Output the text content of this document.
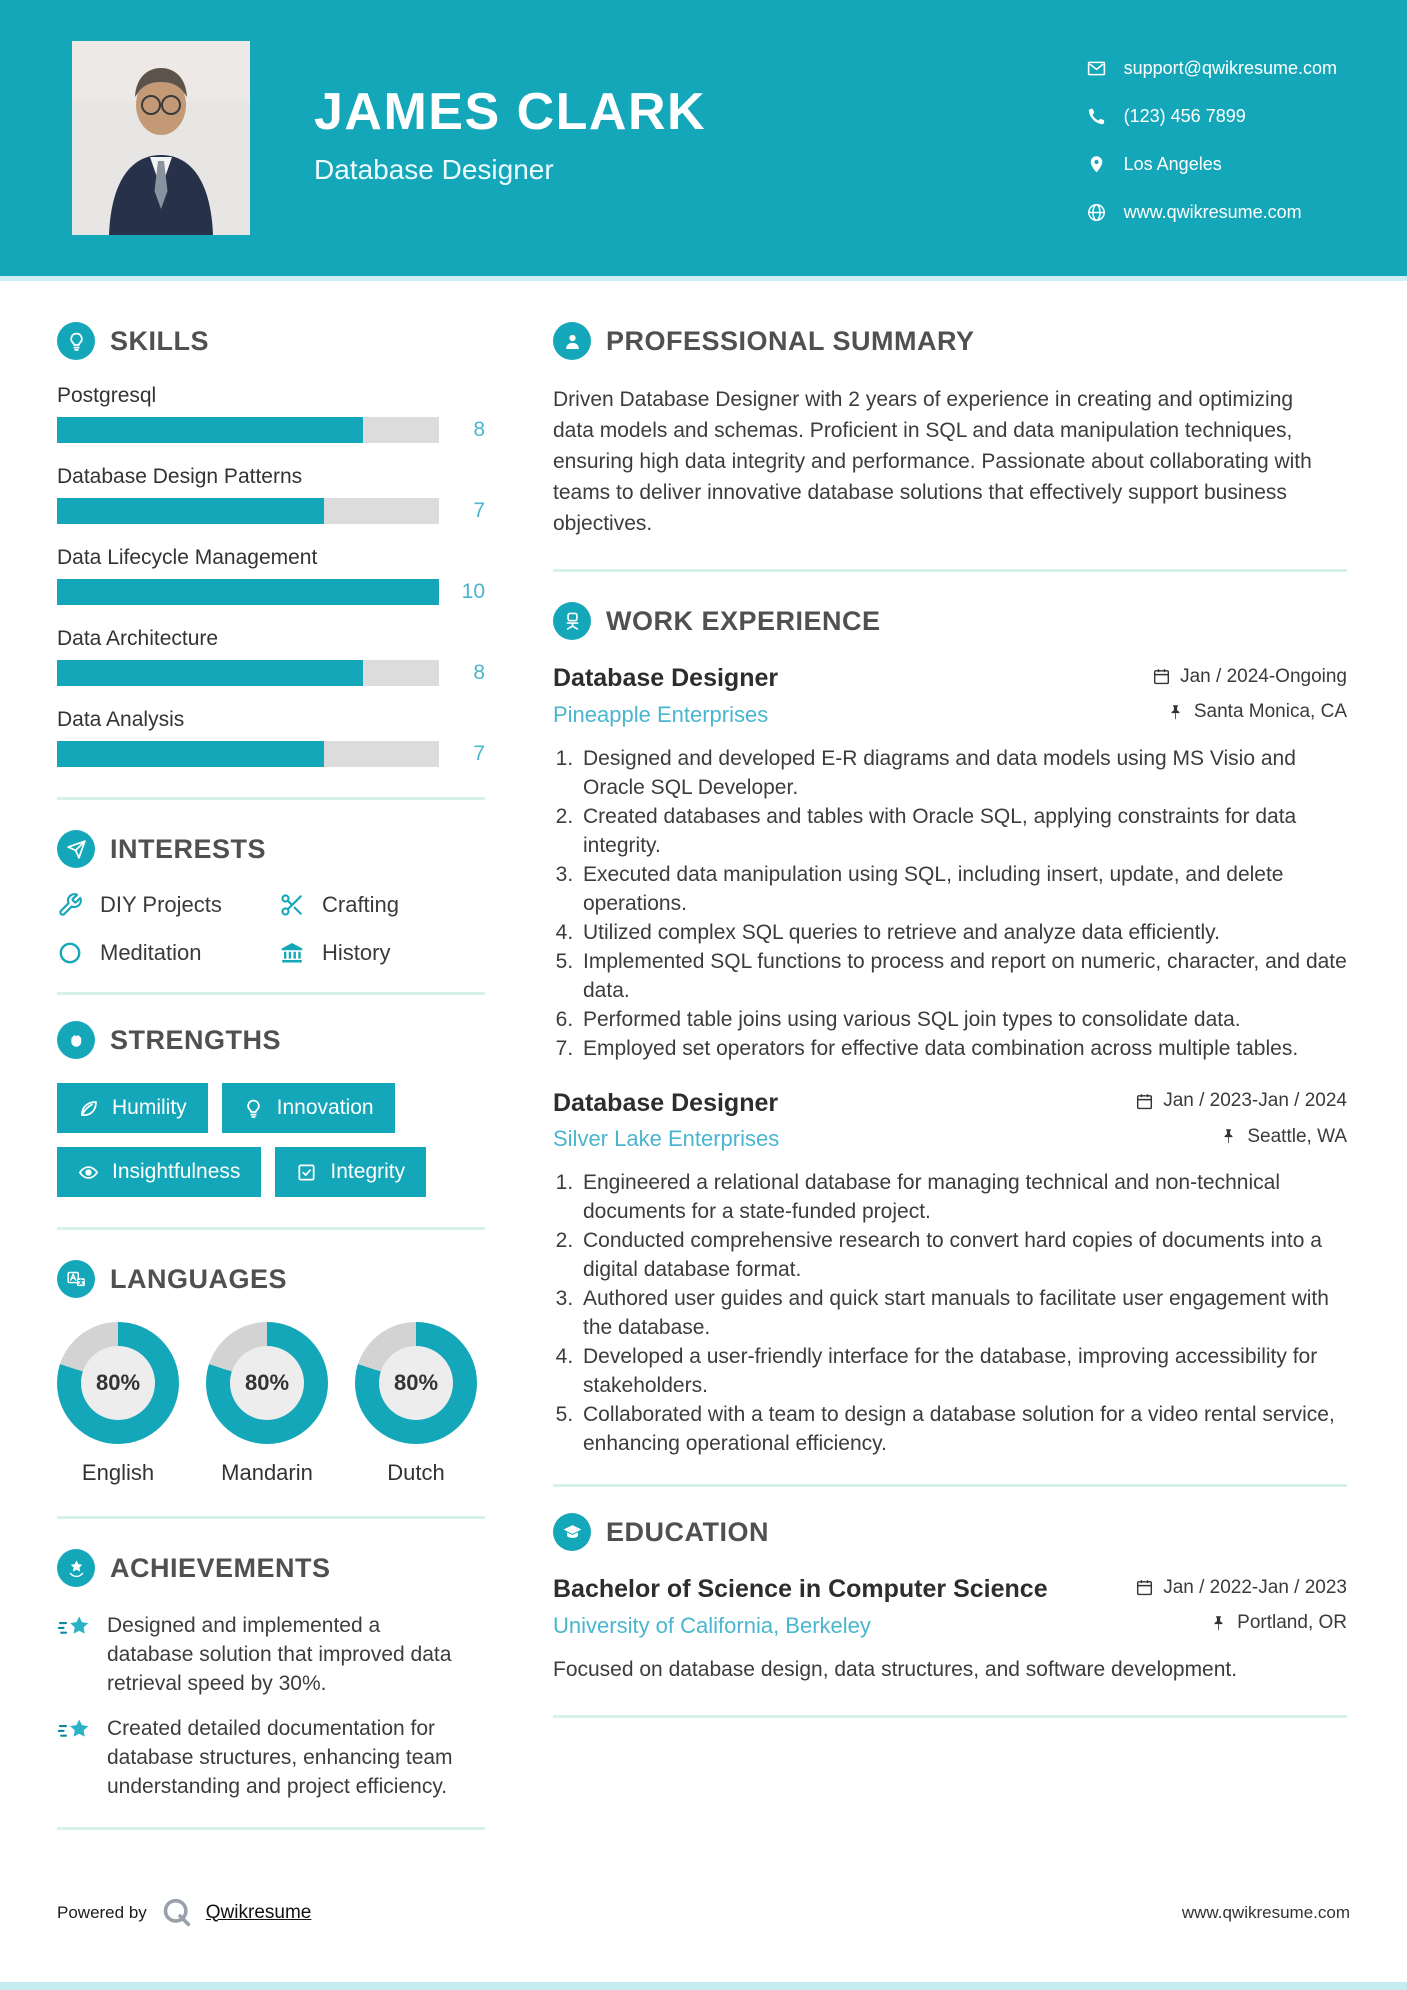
JAMES CLARK
Database Designer
support@qwikresume.com
(123) 456 7899
Los Angeles
www.qwikresume.com
SKILLS
Postgresql
8
Database Design Patterns
7
Data Lifecycle Management
10
Data Architecture
8
Data Analysis
7
INTERESTS
DIY Projects	Crafting
Meditation	History
STRENGTHS
Humility	Innovation
Insightfulness	Integrity
LANGUAGES
80%
English
80%
Mandarin
80%
Dutch
ACHIEVEMENTS
Designed and implemented a database solution that improved data retrieval speed by 30%.
Created detailed documentation for database structures, enhancing team understanding and project efficiency.
PROFESSIONAL SUMMARY

Driven Database Designer with 2 years of experience in creating and optimizing data models and schemas. Proficient in SQL and data manipulation techniques, ensuring high data integrity and performance. Passionate about collaborating with teams to deliver innovative database solutions that effectively support business objectives.

WORK EXPERIENCE
Database Designer	Jan / 2024-Ongoing
Pineapple Enterprises	Santa Monica, CA
1. Designed and developed E-R diagrams and data models using MS Visio and Oracle SQL Developer.
2. Created databases and tables with Oracle SQL, applying constraints for data integrity.
3. Executed data manipulation using SQL, including insert, update, and delete operations.
4. Utilized complex SQL queries to retrieve and analyze data efficiently.
5. Implemented SQL functions to process and report on numeric, character, and date data.
6. Performed table joins using various SQL join types to consolidate data.
7. Employed set operators for effective data combination across multiple tables.
Database Designer	Jan / 2023-Jan / 2024
Silver Lake Enterprises	Seattle, WA
1. Engineered a relational database for managing technical and non-technical documents for a state-funded project.
2. Conducted comprehensive research to convert hard copies of documents into a digital database format.
3. Authored user guides and quick start manuals to facilitate user engagement with the database.
4. Developed a user-friendly interface for the database, improving accessibility for stakeholders.
5. Collaborated with a team to design a database solution for a video rental service, enhancing operational efficiency.
EDUCATION
Bachelor of Science in Computer Science	Jan / 2022-Jan / 2023
University of California, Berkeley	Portland, OR

Focused on database design, data structures, and software development.

Powered by	Qwikresume	www.qwikresume.com
